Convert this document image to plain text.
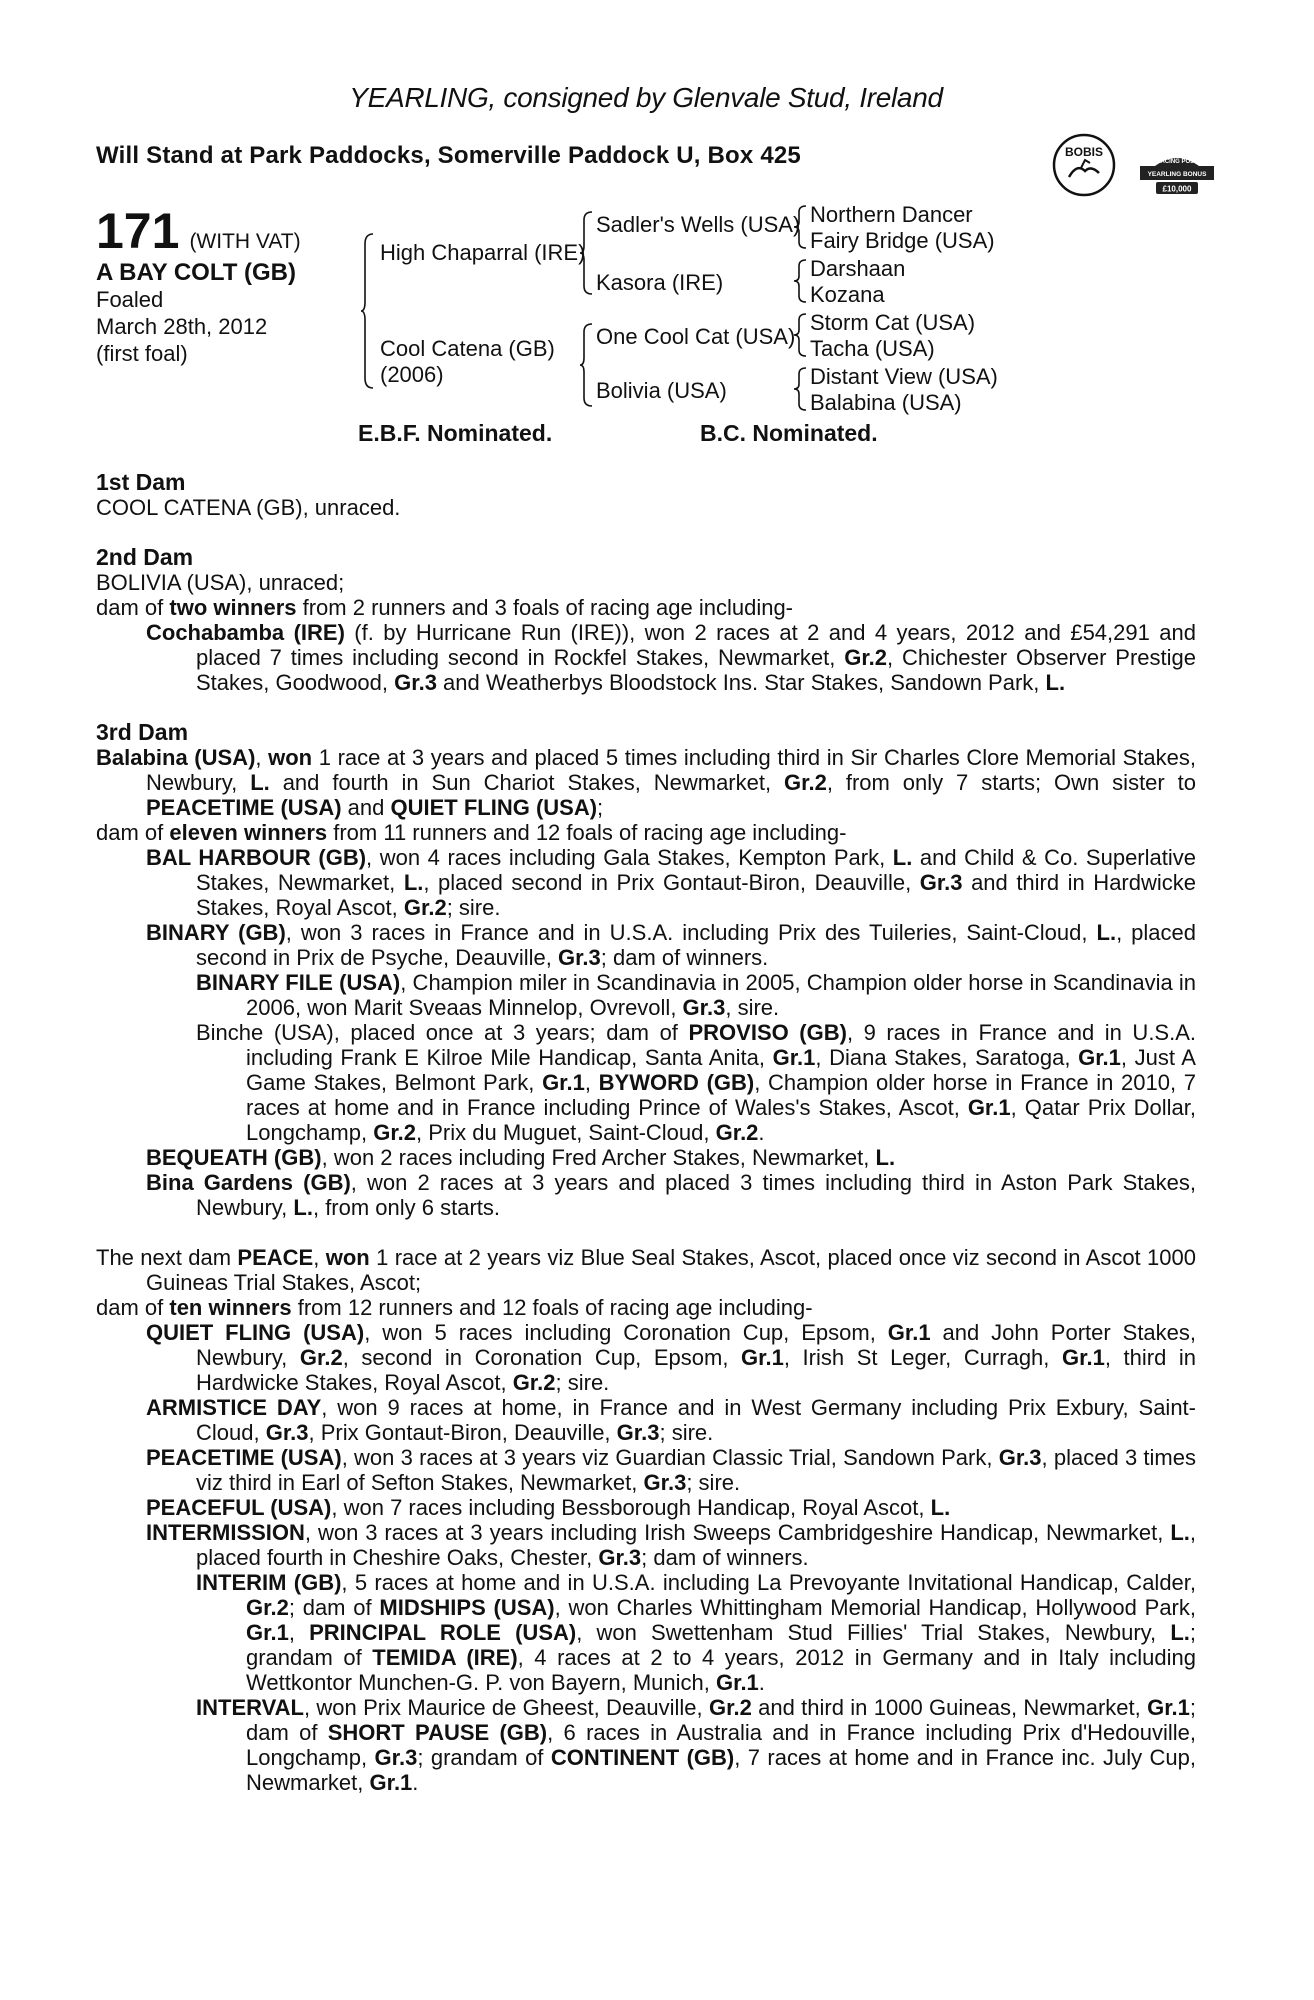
YEARLING, consigned by Glenvale Stud, Ireland
Will Stand at Park Paddocks, Somerville Paddock U, Box 425	BOBIS
RACING POST
YEARLING BONUS
£10,000
171 (WITH VAT)
A BAY COLT (GB)
Foaled
March 28th, 2012
(first foal)
High Chaparral (IRE)
Cool Catena (GB)
(2006)
Sadler's Wells (USA)
Kasora (IRE)
One Cool Cat (USA)
Bolivia (USA)
Northern Dancer
Fairy Bridge (USA)
Darshaan
Kozana
Storm Cat (USA)
Tacha (USA)
Distant View (USA)
Balabina (USA)
E.B.F. Nominated.	B.C. Nominated.

1st Dam

COOL CATENA (GB), unraced.

2nd Dam

BOLIVIA (USA), unraced;

dam of two winners from 2 runners and 3 foals of racing age including-

Cochabamba (IRE) (f. by Hurricane Run (IRE)), won 2 races at 2 and 4 years, 2012 and £54,291 and placed 7 times including second in Rockfel Stakes, Newmarket, Gr.2, Chichester Observer Prestige Stakes, Goodwood, Gr.3 and Weatherbys Bloodstock Ins. Star Stakes, Sandown Park, L.

3rd Dam

Balabina (USA), won 1 race at 3 years and placed 5 times including third in Sir Charles Clore Memorial Stakes, Newbury, L. and fourth in Sun Chariot Stakes, Newmarket, Gr.2, from only 7 starts; Own sister to PEACETIME (USA) and QUIET FLING (USA);

dam of eleven winners from 11 runners and 12 foals of racing age including-

BAL HARBOUR (GB), won 4 races including Gala Stakes, Kempton Park, L. and Child & Co. Superlative Stakes, Newmarket, L., placed second in Prix Gontaut-Biron, Deauville, Gr.3 and third in Hardwicke Stakes, Royal Ascot, Gr.2; sire.

BINARY (GB), won 3 races in France and in U.S.A. including Prix des Tuileries, Saint-Cloud, L., placed second in Prix de Psyche, Deauville, Gr.3; dam of winners.

BINARY FILE (USA), Champion miler in Scandinavia in 2005, Champion older horse in Scandinavia in 2006, won Marit Sveaas Minnelop, Ovrevoll, Gr.3, sire.

Binche (USA), placed once at 3 years; dam of PROVISO (GB), 9 races in France and in U.S.A. including Frank E Kilroe Mile Handicap, Santa Anita, Gr.1, Diana Stakes, Saratoga, Gr.1, Just A Game Stakes, Belmont Park, Gr.1, BYWORD (GB), Champion older horse in France in 2010, 7 races at home and in France including Prince of Wales's Stakes, Ascot, Gr.1, Qatar Prix Dollar, Longchamp, Gr.2, Prix du Muguet, Saint-Cloud, Gr.2.

BEQUEATH (GB), won 2 races including Fred Archer Stakes, Newmarket, L.

Bina Gardens (GB), won 2 races at 3 years and placed 3 times including third in Aston Park Stakes, Newbury, L., from only 6 starts.

The next dam PEACE, won 1 race at 2 years viz Blue Seal Stakes, Ascot, placed once viz second in Ascot 1000 Guineas Trial Stakes, Ascot;

dam of ten winners from 12 runners and 12 foals of racing age including-

QUIET FLING (USA), won 5 races including Coronation Cup, Epsom, Gr.1 and John Porter Stakes, Newbury, Gr.2, second in Coronation Cup, Epsom, Gr.1, Irish St Leger, Curragh, Gr.1, third in Hardwicke Stakes, Royal Ascot, Gr.2; sire.

ARMISTICE DAY, won 9 races at home, in France and in West Germany including Prix Exbury, Saint-Cloud, Gr.3, Prix Gontaut-Biron, Deauville, Gr.3; sire.

PEACETIME (USA), won 3 races at 3 years viz Guardian Classic Trial, Sandown Park, Gr.3, placed 3 times viz third in Earl of Sefton Stakes, Newmarket, Gr.3; sire.

PEACEFUL (USA), won 7 races including Bessborough Handicap, Royal Ascot, L.

INTERMISSION, won 3 races at 3 years including Irish Sweeps Cambridgeshire Handicap, Newmarket, L., placed fourth in Cheshire Oaks, Chester, Gr.3; dam of winners.

INTERIM (GB), 5 races at home and in U.S.A. including La Prevoyante Invitational Handicap, Calder, Gr.2; dam of MIDSHIPS (USA), won Charles Whittingham Memorial Handicap, Hollywood Park, Gr.1, PRINCIPAL ROLE (USA), won Swettenham Stud Fillies' Trial Stakes, Newbury, L.; grandam of TEMIDA (IRE), 4 races at 2 to 4 years, 2012 in Germany and in Italy including Wettkontor Munchen-G. P. von Bayern, Munich, Gr.1.

INTERVAL, won Prix Maurice de Gheest, Deauville, Gr.2 and third in 1000 Guineas, Newmarket, Gr.1; dam of SHORT PAUSE (GB), 6 races in Australia and in France including Prix d'Hedouville, Longchamp, Gr.3; grandam of CONTINENT (GB), 7 races at home and in France inc. July Cup, Newmarket, Gr.1.
